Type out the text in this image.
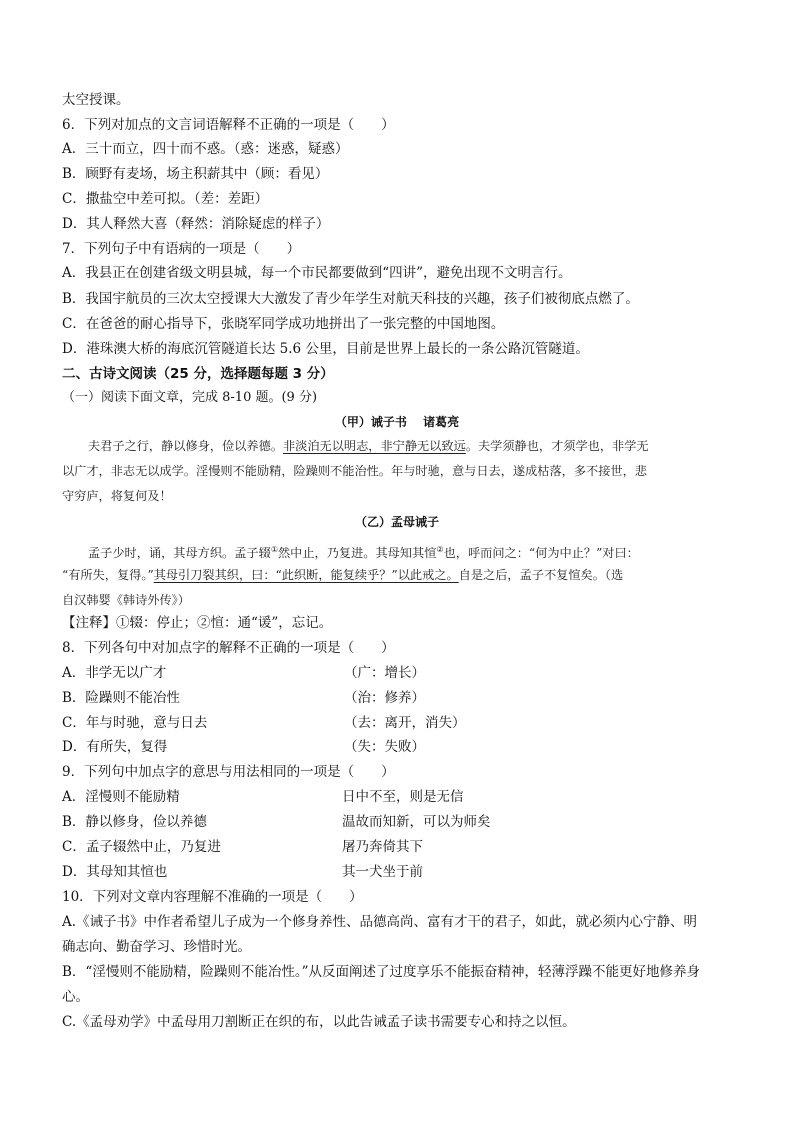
太空授课。
6．下列对加点的文言词语解释不正确的一项是（　　）
A．三十而立，四十而不惑。（惑：迷惑，疑惑）
B．顾野有麦场，场主积薪其中（顾：看见）
C．撒盐空中差可拟。（差：差距）
D．其人释然大喜（释然：消除疑虑的样子）
7．下列句子中有语病的一项是（　　）
A．我县正在创建省级文明县城，每一个市民都要做到“四讲”，避免出现不文明言行。
B．我国宇航员的三次太空授课大大激发了青少年学生对航天科技的兴趣，孩子们被彻底点燃了。
C．在爸爸的耐心指导下，张晓军同学成功地拼出了一张完整的中国地图。
D．港珠澳大桥的海底沉管隧道长达 5.6 公里，目前是世界上最长的一条公路沉管隧道。
二、古诗文阅读（25 分，选择题每题 3 分）
（一）阅读下面文章，完成 8-10 题。(9 分)
（甲）诫子书　 诸葛亮
夫君子之行，静以修身，俭以养德。非淡泊无以明志，非宁静无以致远。夫学须静也，才须学也，非学无
以广才，非志无以成学。淫慢则不能励精，险躁则不能治性。年与时驰，意与日去，遂成枯落，多不接世，悲
守穷庐，将复何及！
（乙）孟母诫子
孟子少时，诵，其母方织。孟子辍①然中止，乃复进。其母知其愃②也，呼而问之：“何为中止？”对曰：
“有所失，复得。”其母引刀裂其织，曰：“此织断，能复续乎？”以此戒之。自是之后，孟子不复愃矣。（选
自汉韩婴《韩诗外传》）
【注释】①辍：停止；②愃：通“谖”，忘记。
8．下列各句中对加点字的解释不正确的一项是（　　）
A．非学无以广才	（广：增长）
B．险躁则不能冶性	（治：修养）
C．年与时驰，意与日去	（去：离开，消失）
D．有所失，复得	（失：失败）
9．下列句中加点字的意思与用法相同的一项是（　　）
A．淫慢则不能励精	日中不至，则是无信
B．静以修身，俭以养德	温故而知新，可以为师矣
C．孟子辍然中止，乃复进	屠乃奔倚其下
D．其母知其愃也	其一犬坐于前
10．下列对文章内容理解不准确的一项是（　　）
A.《诫子书》中作者希望儿子成为一个修身养性、品德高尚、富有才干的君子，如此，就必须内心宁静、明
确志向、勤奋学习、珍惜时光。
B．“淫慢则不能励精，险躁则不能冶性。”从反面阐述了过度享乐不能振奋精神，轻薄浮躁不能更好地修养身
心。
C.《孟母劝学》中孟母用刀割断正在织的布，以此告诫孟子读书需要专心和持之以恒。
